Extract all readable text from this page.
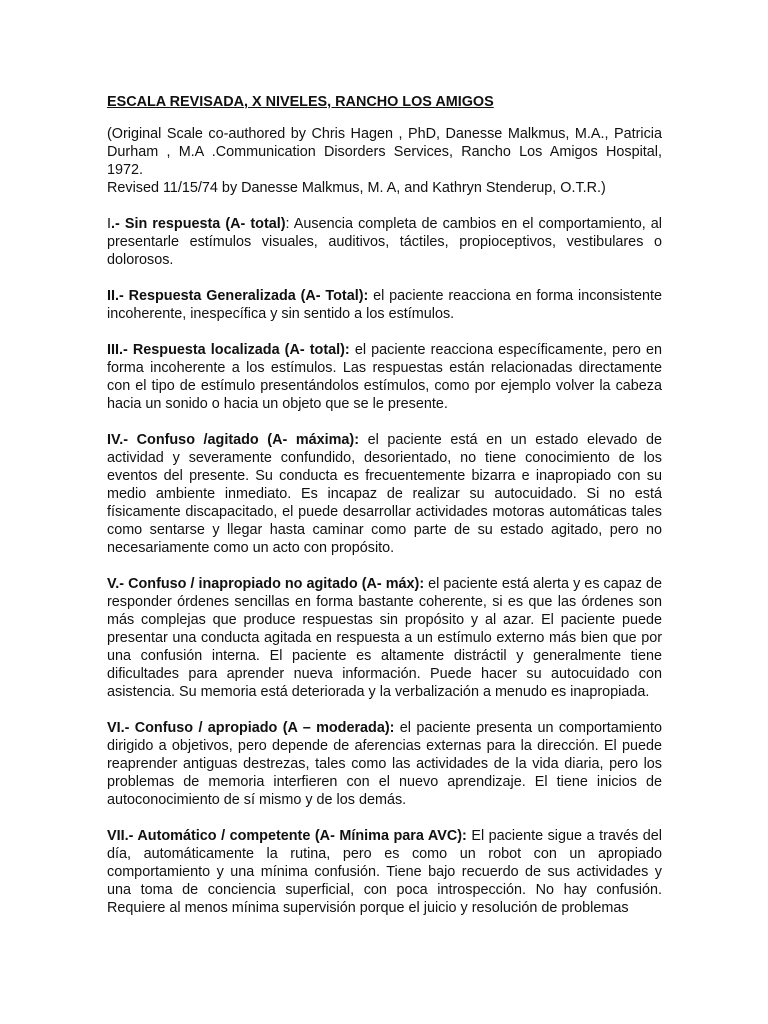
ESCALA REVISADA, X NIVELES, RANCHO LOS AMIGOS
(Original Scale co-authored by Chris Hagen , PhD, Danesse Malkmus, M.A., Patricia Durham , M.A .Communication Disorders Services, Rancho Los Amigos Hospital, 1972.
Revised 11/15/74 by Danesse Malkmus, M. A, and Kathryn Stenderup, O.T.R.)

I.- Sin respuesta (A- total): Ausencia completa de cambios en el comportamiento, al presentarle estímulos visuales, auditivos, táctiles, propioceptivos, vestibulares o dolorosos.

II.- Respuesta Generalizada (A- Total): el paciente reacciona en forma inconsistente incoherente, inespecífica y sin sentido a los estímulos.

III.- Respuesta localizada (A- total): el paciente reacciona específicamente, pero en forma incoherente a los estímulos. Las respuestas están relacionadas directamente con el tipo de estímulo presentándolos estímulos, como por ejemplo volver la cabeza hacia un sonido o hacia un objeto que se le presente.

IV.- Confuso /agitado (A- máxima): el paciente está en un estado elevado de actividad y severamente confundido, desorientado, no tiene conocimiento de los eventos del presente. Su conducta es frecuentemente bizarra e inapropiado con su medio ambiente inmediato. Es incapaz de realizar su autocuidado. Si no está físicamente discapacitado, el puede desarrollar actividades motoras automáticas tales como sentarse y llegar hasta caminar como parte de su estado agitado, pero no necesariamente como un acto con propósito.

V.- Confuso / inapropiado no agitado (A- máx): el paciente está alerta y es capaz de responder órdenes sencillas en forma bastante coherente, si es que las órdenes son más complejas que produce respuestas sin propósito y al azar. El paciente puede presentar una conducta agitada en respuesta a un estímulo externo más bien que por una confusión interna. El paciente es altamente distráctil y generalmente tiene dificultades para aprender nueva información. Puede hacer su autocuidado con asistencia. Su memoria está deteriorada y la verbalización a menudo es inapropiada.

VI.- Confuso / apropiado (A – moderada): el paciente presenta un comportamiento dirigido a objetivos, pero depende de aferencias externas para la dirección. El puede reaprender antiguas destrezas, tales como las actividades de la vida diaria, pero los problemas de memoria interfieren con el nuevo aprendizaje. El tiene inicios de autoconocimiento de sí mismo y de los demás.

VII.- Automático / competente (A- Mínima para AVC): El paciente sigue a través del día, automáticamente la rutina, pero es como un robot con un apropiado comportamiento y una mínima confusión. Tiene bajo recuerdo de sus actividades y una toma de conciencia superficial, con poca introspección. No hay confusión. Requiere al menos mínima supervisión porque el juicio y resolución de problemas
